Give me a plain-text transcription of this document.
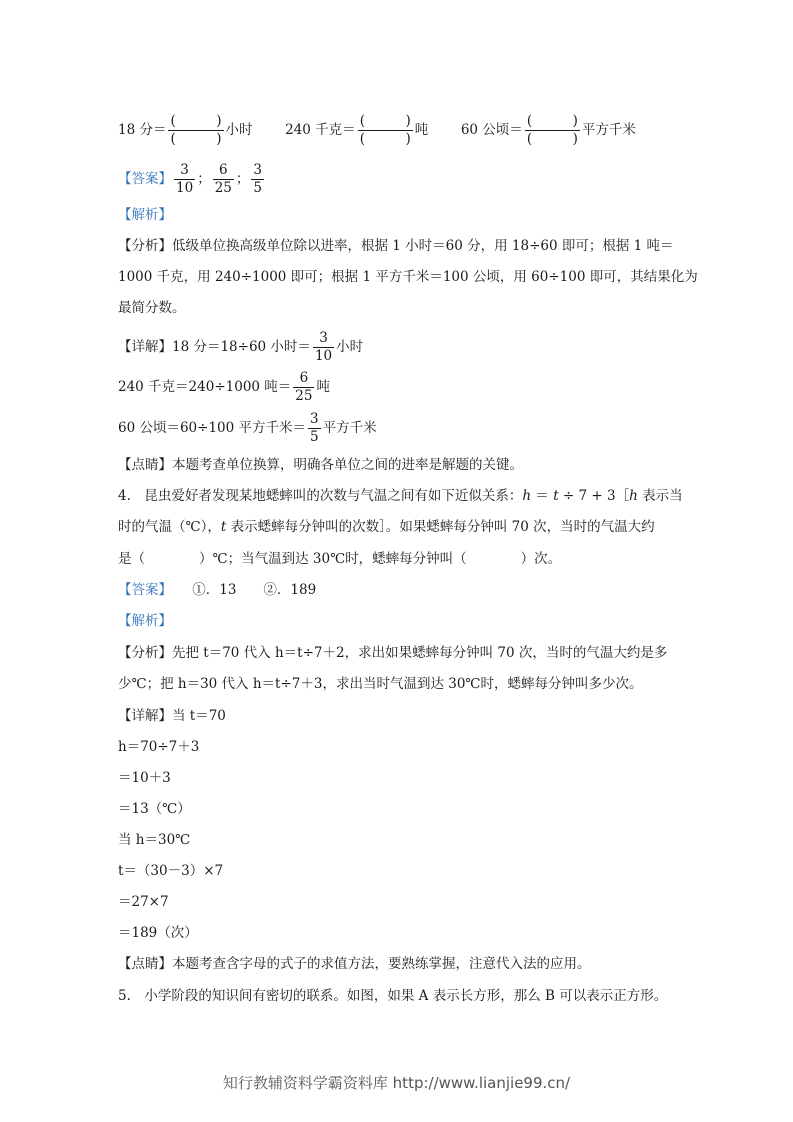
18 分＝ $\frac{( )}{( )}$ 小时 240 千克＝ $\frac{( )}{( )}$ 吨 60 公顷＝ $\frac{( )}{( )}$ 平方千米
【答案】 $\frac{3}{10}$ ； $\frac{6}{25}$ ； $\frac{3}{5}$
【解析】
【分析】低级单位换高级单位除以进率，根据 1 小时＝60 分，用 18÷60 即可；根据 1 吨＝
1000 千克，用 240÷1000 即可；根据 1 平方千米＝100 公顷，用 60÷100 即可，其结果化为
最简分数。
【详解】18 分＝18÷60 小时＝ $\frac{3}{10}$ 小时
240 千克＝240÷1000 吨＝ $\frac{6}{25}$ 吨
60 公顷＝60÷100 平方千米＝ $\frac{3}{5}$ 平方千米
【点睛】本题考查单位换算，明确各单位之间的进率是解题的关键。
4.　昆虫爱好者发现某地蟋蟀叫的次数与气温之间有如下近似关系：h ＝ t ÷ 7 + 3［h 表示当
时的气温（℃），t 表示蟋蟀每分钟叫的次数］。如果蟋蟀每分钟叫 70 次，当时的气温大约
是（　　　　）℃；当气温到达 30℃时，蟋蟀每分钟叫（　　　　）次。
【答案】　　①．13　　②．189
【解析】
【分析】先把 t＝70 代入 h＝t÷7＋2，求出如果蟋蟀每分钟叫 70 次，当时的气温大约是多
少℃；把 h＝30 代入 h＝t÷7＋3，求出当时气温到达 30℃时，蟋蟀每分钟叫多少次。
【详解】当 t＝70
h＝70÷7＋3
＝10＋3
＝13（℃）
当 h＝30℃
t＝（30－3）×7
＝27×7
＝189（次）
【点睛】本题考查含字母的式子的求值方法，要熟练掌握，注意代入法的应用。
5.　小学阶段的知识间有密切的联系。如图，如果 A 表示长方形，那么 B 可以表示正方形。
知行教辅资料学霸资料库 http://www.lianjie99.cn/
